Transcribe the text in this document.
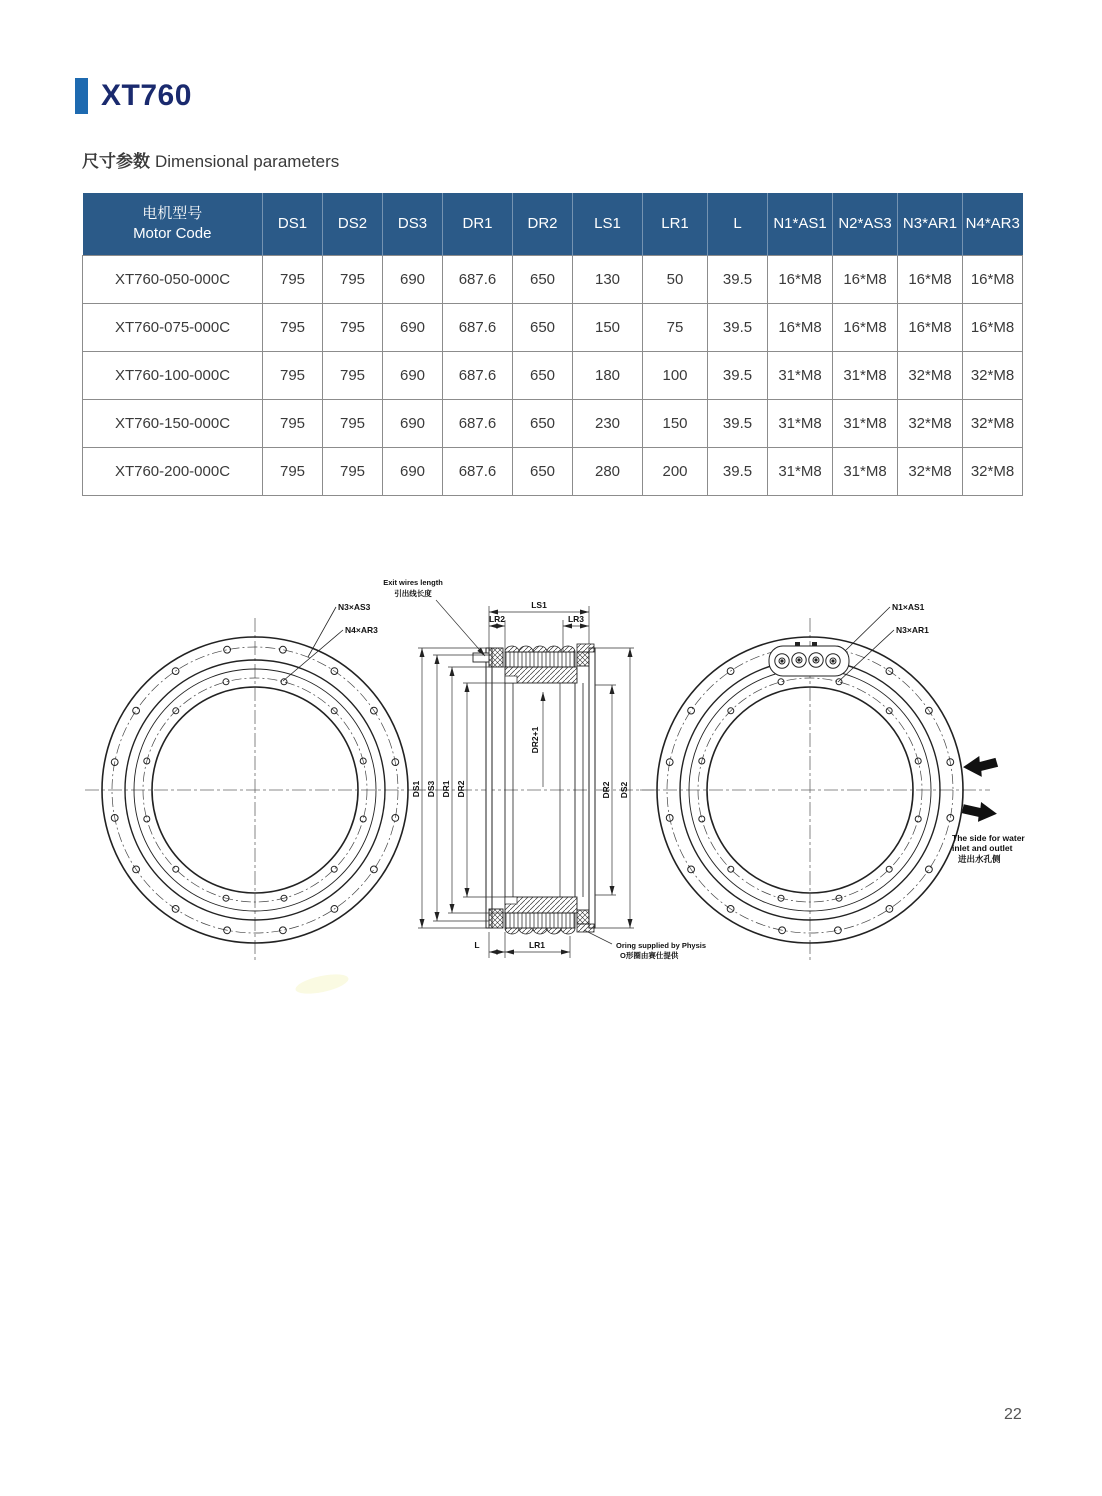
XT760
尺寸参数 Dimensional parameters
电机型号
Motor Code	DS1	DS2	DS3	DR1	DR2	LS1	LR1	L	N1*AS1	N2*AS3	N3*AR1	N4*AR3
XT760-050-000C	795	795	690	687.6	650	130	50	39.5	16*M8	16*M8	16*M8	16*M8
XT760-075-000C	795	795	690	687.6	650	150	75	39.5	16*M8	16*M8	16*M8	16*M8
XT760-100-000C	795	795	690	687.6	650	180	100	39.5	31*M8	31*M8	32*M8	32*M8
XT760-150-000C	795	795	690	687.6	650	230	150	39.5	31*M8	31*M8	32*M8	32*M8
XT760-200-000C	795	795	690	687.6	650	280	200	39.5	31*M8	31*M8	32*M8	32*M8
N3×AS3
N4×AR3
LS1
LR2	LR3
DS1 DS3 DR1 DR2
DR2+1
DR2 DS2
L	LR1
Exit wires length
引出线长度
Oring supplied by Physis
O形圈由赛仕提供
N1×AS1
N3×AR1
The side for water
inlet and outlet
进出水孔侧
22
